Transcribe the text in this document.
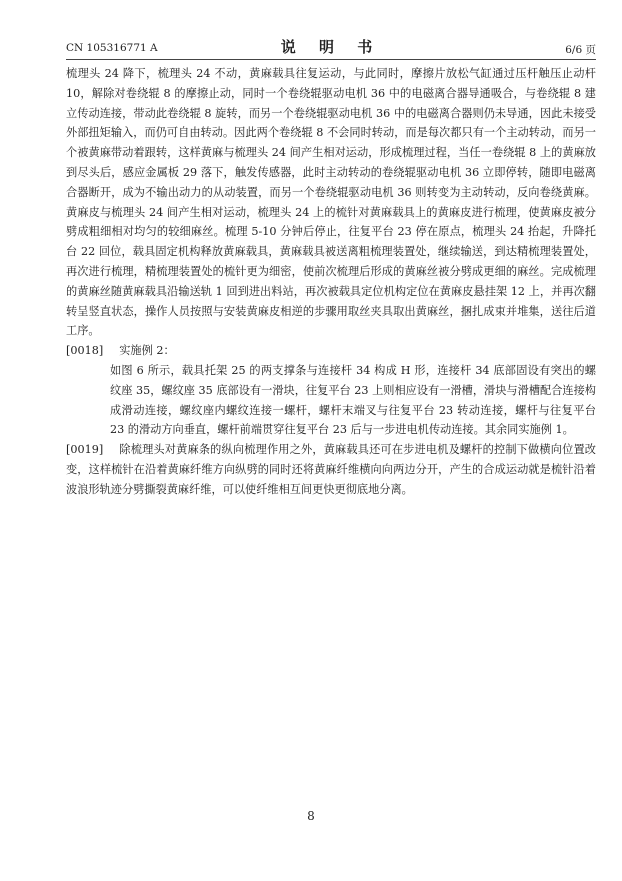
CN 105316771 A	说 明 书	6/6 页

梳理头 24 降下，梳理头 24 不动，黄麻载具往复运动，与此同时，摩擦片放松气缸通过压杆触压止动杆 10，解除对卷绕辊 8 的摩擦止动，同时一个卷绕辊驱动电机 36 中的电磁离合器导通吸合，与卷绕辊 8 建立传动连接，带动此卷绕辊 8 旋转，而另一个卷绕辊驱动电机 36 中的电磁离合器则仍未导通，因此未接受外部扭矩输入，而仍可自由转动。因此两个卷绕辊 8 不会同时转动，而是每次都只有一个主动转动，而另一个被黄麻带动着跟转，这样黄麻与梳理头 24 间产生相对运动，形成梳理过程，当任一卷绕辊 8 上的黄麻放到尽头后，感应金属板 29 落下，触发传感器，此时主动转动的卷绕辊驱动电机 36 立即停转，随即电磁离合器断开，成为不输出动力的从动装置，而另一个卷绕辊驱动电机 36 则转变为主动转动，反向卷绕黄麻。黄麻皮与梳理头 24 间产生相对运动，梳理头 24 上的梳针对黄麻载具上的黄麻皮进行梳理，使黄麻皮被分劈成粗细相对均匀的较细麻丝。梳理 5-10 分钟后停止，往复平台 23 停在原点，梳理头 24 抬起，升降托台 22 回位，载具固定机构释放黄麻载具，黄麻载具被送离粗梳理装置处，继续输送，到达精梳理装置处，再次进行梳理，精梳理装置处的梳针更为细密，使前次梳理后形成的黄麻丝被分劈成更细的麻丝。完成梳理的黄麻丝随黄麻载具沿输送轨 1 回到进出料站，再次被载具定位机构定位在黄麻皮悬挂架 12 上，并再次翻转呈竖直状态，操作人员按照与安装黄麻皮相逆的步骤用取丝夹具取出黄麻丝，捆扎成束并堆集，送往后道工序。

[0018] 实施例 2：

如图 6 所示，载具托架 25 的两支撑条与连接杆 34 构成 H 形，连接杆 34 底部固设有突出的螺纹座 35，螺纹座 35 底部设有一滑块，往复平台 23 上则相应设有一滑槽，滑块与滑槽配合连接构成滑动连接，螺纹座内螺纹连接一螺杆，螺杆末端叉与往复平台 23 转动连接，螺杆与往复平台 23 的滑动方向垂直，螺杆前端贯穿往复平台 23 后与一步进电机传动连接。其余同实施例 1。

[0019] 除梳理头对黄麻条的纵向梳理作用之外，黄麻载具还可在步进电机及螺杆的控制下做横向位置改变，这样梳针在沿着黄麻纤维方向纵劈的同时还将黄麻纤维横向向两边分开，产生的合成运动就是梳针沿着波浪形轨迹分劈撕裂黄麻纤维，可以使纤维相互间更快更彻底地分离。

8
